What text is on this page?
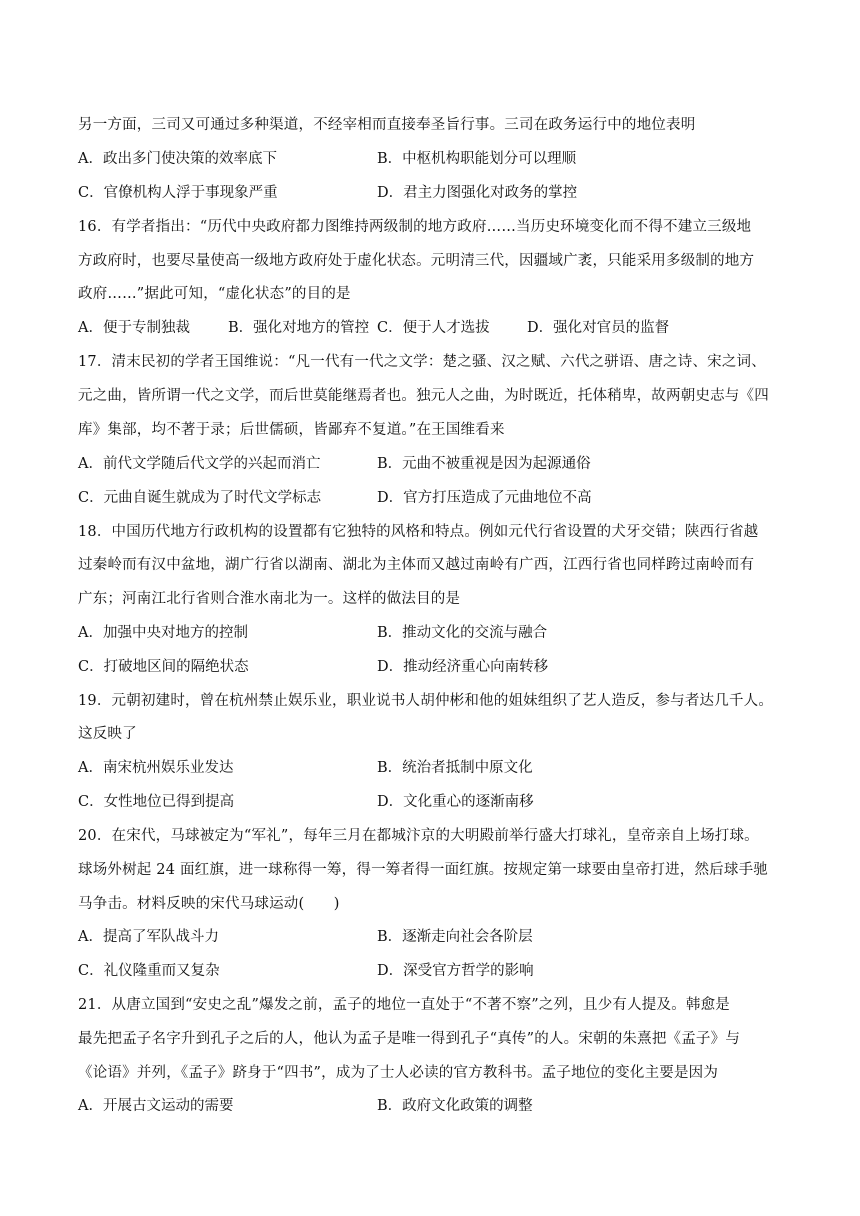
另一方面，三司又可通过多种渠道，不经宰相而直接奉圣旨行事。三司在政务运行中的地位表明
A．政出多门使决策的效率底下	B．中枢机构职能划分可以理顺
C．官僚机构人浮于事现象严重	D．君主力图强化对政务的掌控
16．有学者指出：“历代中央政府都力图维持两级制的地方政府……当历史环境变化而不得不建立三级地
方政府时，也要尽量使高一级地方政府处于虚化状态。元明清三代，因疆域广袤，只能采用多级制的地方
政府……”据此可知，“虚化状态”的目的是
A．便于专制独裁	B．强化对地方的管控 C．便于人才选拔	D．强化对官员的监督
17．清末民初的学者王国维说：“凡一代有一代之文学：楚之骚、汉之赋、六代之骈语、唐之诗、宋之词、
元之曲，皆所谓一代之文学，而后世莫能继焉者也。独元人之曲，为时既近，托体稍卑，故两朝史志与《四
库》集部，均不著于录；后世儒硕，皆鄙弃不复道。”在王国维看来
A．前代文学随后代文学的兴起而消亡	B．元曲不被重视是因为起源通俗
C．元曲自诞生就成为了时代文学标志	D．官方打压造成了元曲地位不高
18．中国历代地方行政机构的设置都有它独特的风格和特点。例如元代行省设置的犬牙交错；陕西行省越
过秦岭而有汉中盆地，湖广行省以湖南、湖北为主体而又越过南岭有广西，江西行省也同样跨过南岭而有
广东；河南江北行省则合淮水南北为一。这样的做法目的是
A．加强中央对地方的控制	B．推动文化的交流与融合
C．打破地区间的隔绝状态	D．推动经济重心向南转移
19．元朝初建时，曾在杭州禁止娱乐业，职业说书人胡仲彬和他的姐妹组织了艺人造反，参与者达几千人。
这反映了
A．南宋杭州娱乐业发达	B．统治者抵制中原文化
C．女性地位已得到提高	D．文化重心的逐渐南移
20．在宋代，马球被定为“军礼”，每年三月在都城汴京的大明殿前举行盛大打球礼，皇帝亲自上场打球。
球场外树起 24 面红旗，进一球称得一筹，得一筹者得一面红旗。按规定第一球要由皇帝打进，然后球手驰
马争击。材料反映的宋代马球运动(　　)
A．提高了军队战斗力	B．逐渐走向社会各阶层
C．礼仪隆重而又复杂	D．深受官方哲学的影响
21．从唐立国到“安史之乱”爆发之前，孟子的地位一直处于“不著不察”之列，且少有人提及。韩愈是
最先把孟子名字升到孔子之后的人，他认为孟子是唯一得到孔子“真传”的人。宋朝的朱熹把《孟子》与
《论语》并列，《孟子》跻身于“四书”，成为了士人必读的官方教科书。孟子地位的变化主要是因为
A．开展古文运动的需要	B．政府文化政策的调整
